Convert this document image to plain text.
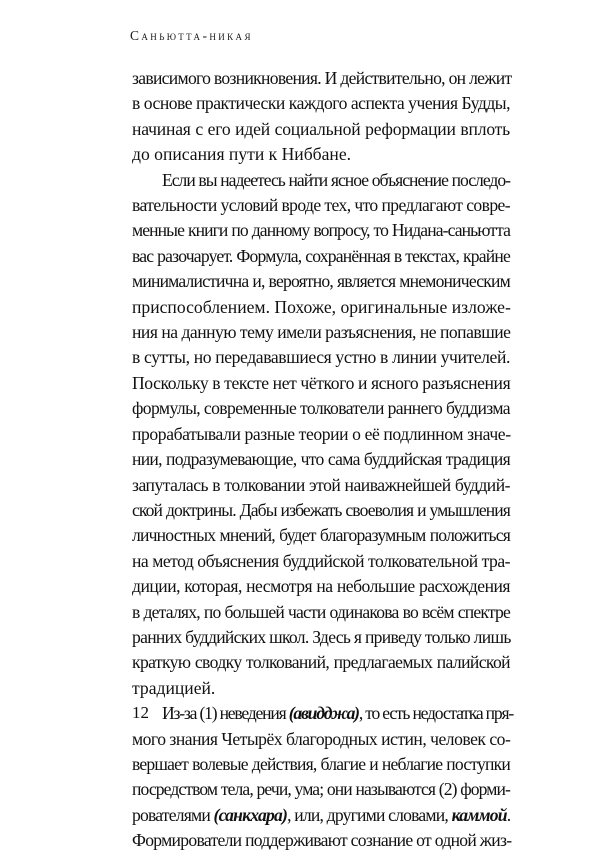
Саньютта-никая
зависимого возникновения. И действительно, он лежит
в основе практически каждого аспекта учения Будды,
начиная с его идей социальной реформации вплоть
до описания пути к Ниббане.
Если вы надеетесь найти ясное объяснение последо-
вательности условий вроде тех, что предлагают совре-
менные книги по данному вопросу, то Нидана-саньютта
вас разочарует. Формула, сохранённая в текстах, крайне
минималистична и, вероятно, является мнемоническим
приспособлением. Похоже, оригинальные изложе-
ния на данную тему имели разъяснения, не попавшие
в сутты, но передававшиеся устно в линии учителей.
Поскольку в тексте нет чёткого и ясного разъяснения
формулы, современные толкователи раннего буддизма
прорабатывали разные теории о её подлинном значе-
нии, подразумевающие, что сама буддийская традиция
запуталась в толковании этой наиважнейшей буддий-
ской доктрины. Дабы избежать своеволия и умышления
личностных мнений, будет благоразумным положиться
на метод объяснения буддийской толковательной тра-
диции, которая, несмотря на небольшие расхождения
в деталях, по большей части одинакова во всём спектре
ранних буддийских школ. Здесь я приведу только лишь
краткую сводку толкований, предлагаемых палийской
традицией.
Из-за (1) неведения (авидджа), то есть недостатка пря-
мого знания Четырёх благородных истин, человек со-
вершает волевые действия, благие и неблагие поступки
посредством тела, речи, ума; они называются (2) форми-
рователями (санкхара), или, другими словами, каммой.
Формирователи поддерживают сознание от одной жиз-
12
